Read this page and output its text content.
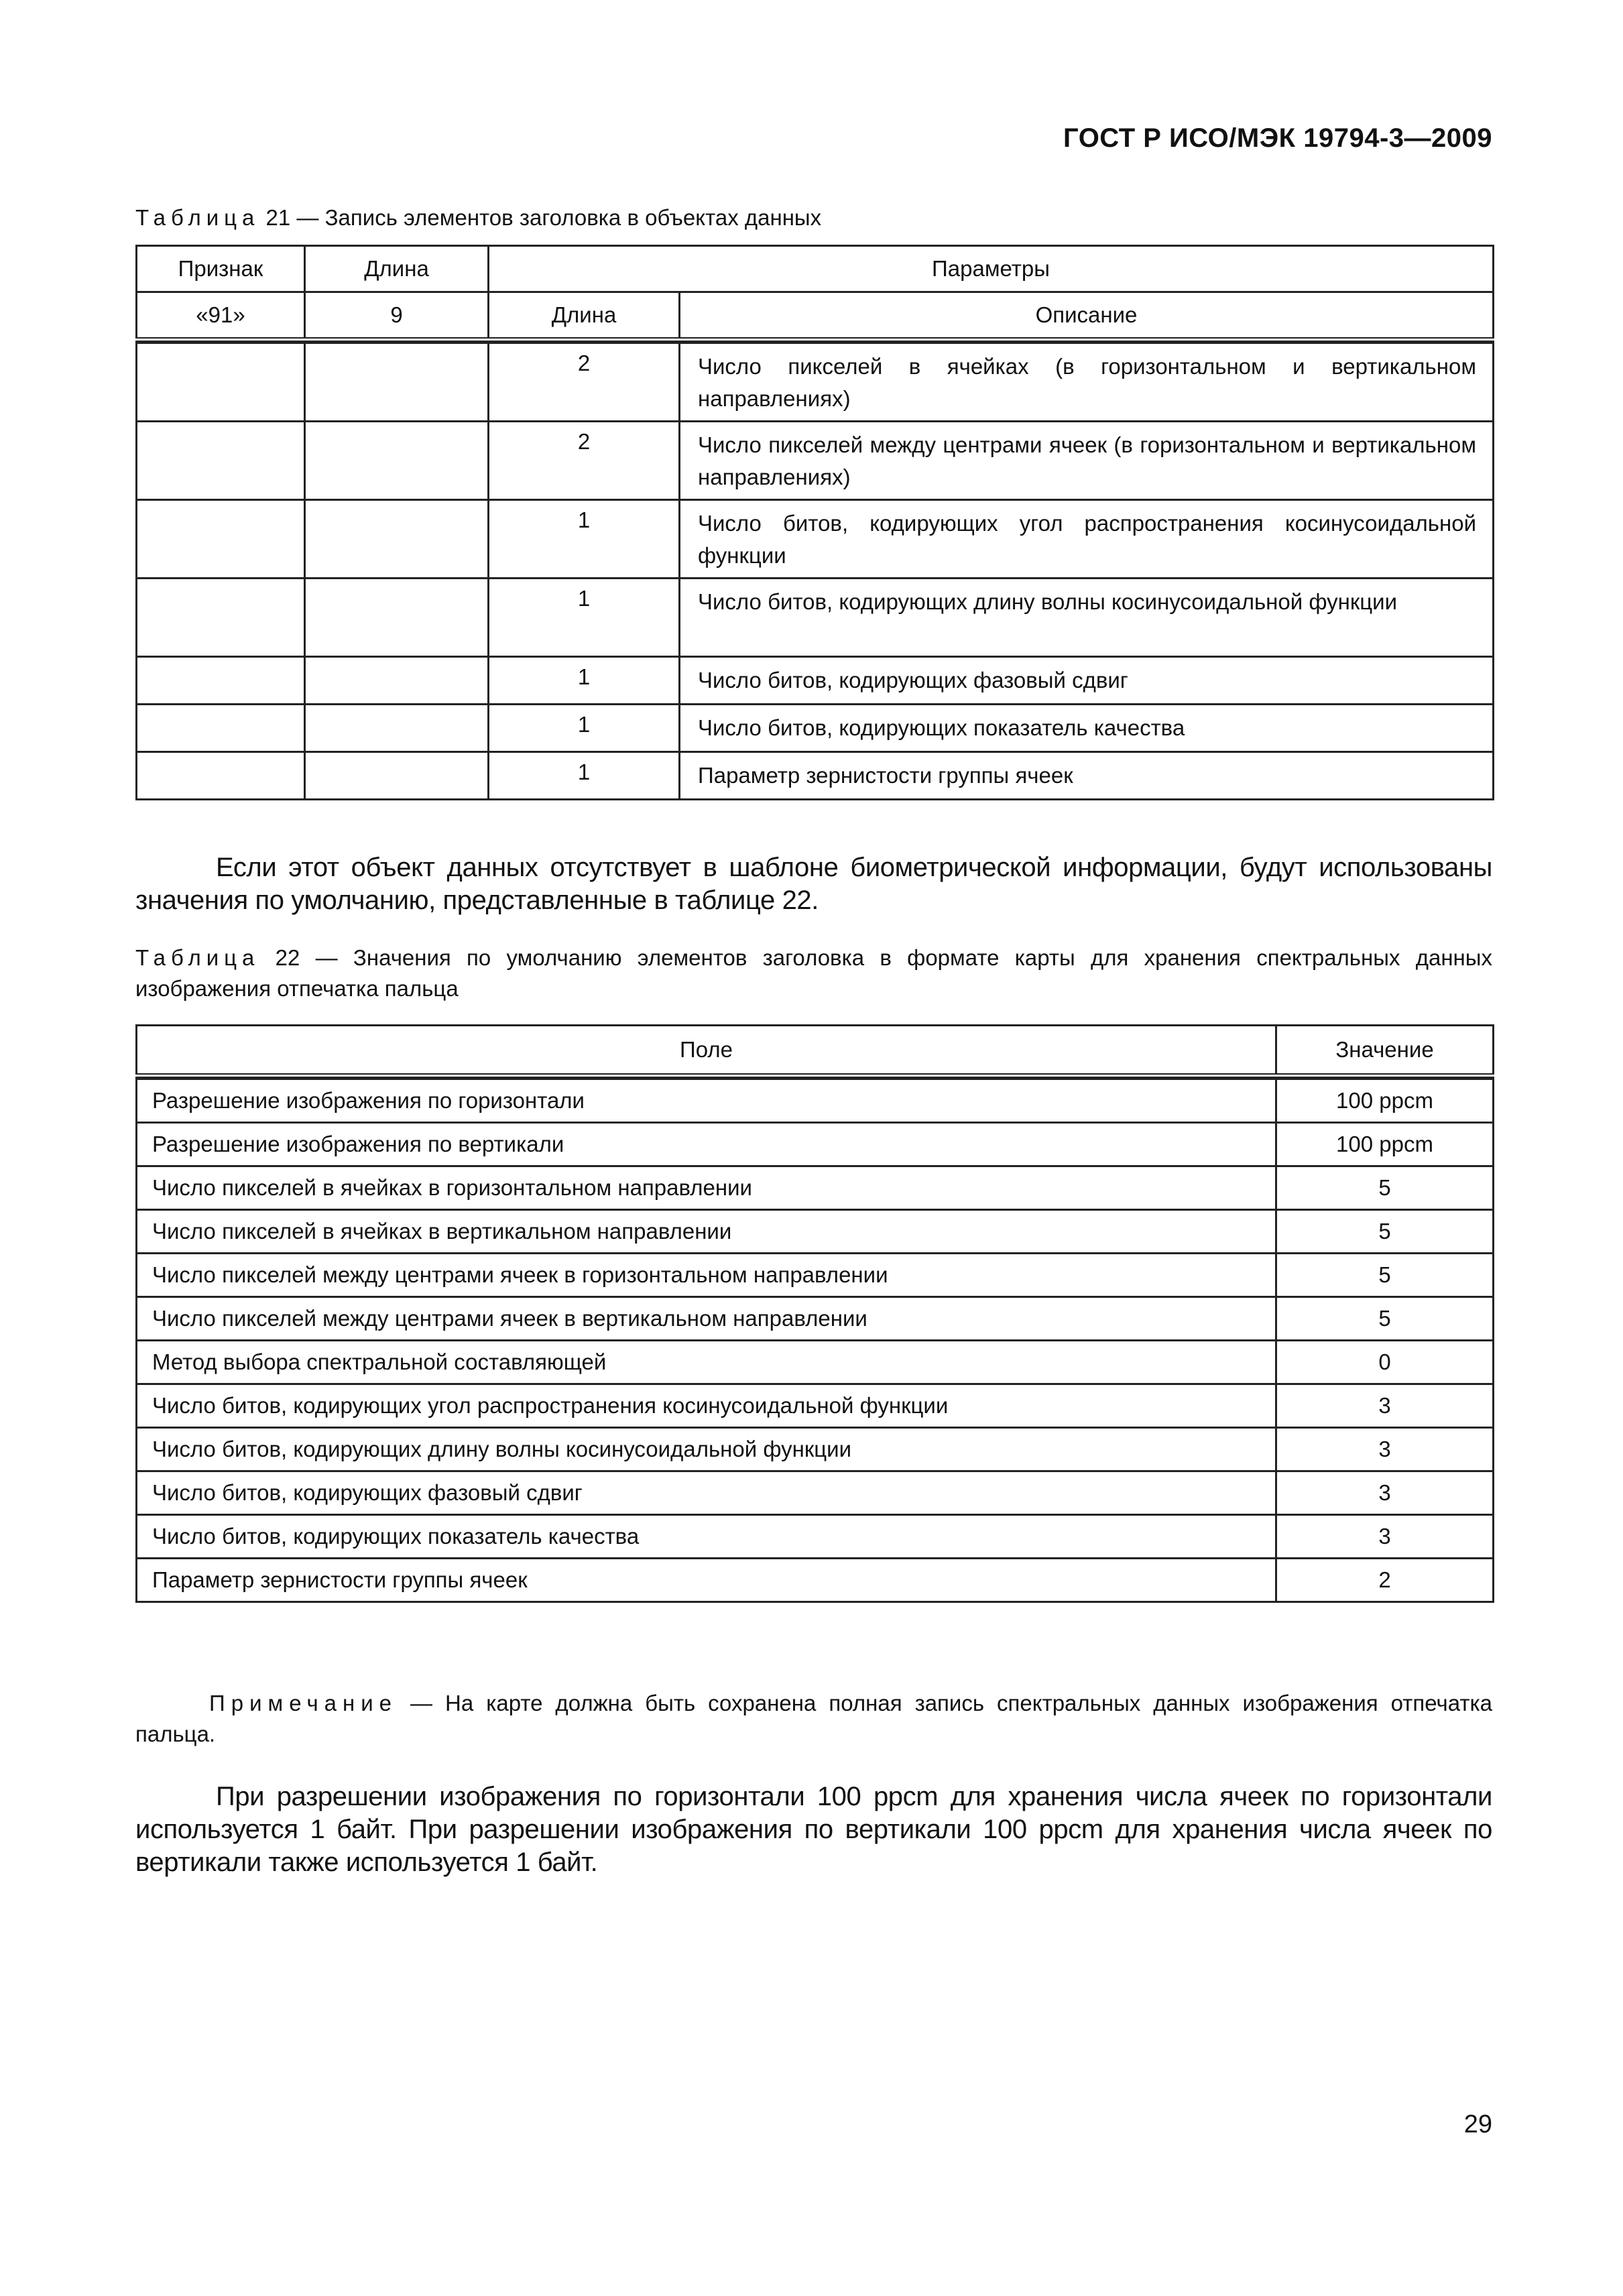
ГОСТ Р ИСО/МЭК 19794-3—2009
Таблица 21 — Запись элементов заголовка в объектах данных
Признак	Длина	Параметры	
«91»	9	Длина	Описание

		2	Число пикселей в ячейках (в горизонтальном и вертикальном направлениях)
		2	Число пикселей между центрами ячеек (в горизонтальном и вертикальном направлениях)
		1	Число битов, кодирующих угол распространения косинусоидальной функции
		1	Число битов, кодирующих длину волны косинусоидальной функции
		1	Число битов, кодирующих фазовый сдвиг
		1	Число битов, кодирующих показатель качества
		1	Параметр зернистости группы ячеек
Если этот объект данных отсутствует в шаблоне биометрической информации, будут использованы значения по умолчанию, представленные в таблице 22.
Таблица 22 — Значения по умолчанию элементов заголовка в формате карты для хранения спектральных данных изображения отпечатка пальца
Поле	Значение

Разрешение изображения по горизонтали	100 ppcm
Разрешение изображения по вертикали	100 ppcm
Число пикселей в ячейках в горизонтальном направлении	5
Число пикселей в ячейках в вертикальном направлении	5
Число пикселей между центрами ячеек в горизонтальном направлении	5
Число пикселей между центрами ячеек в вертикальном направлении	5
Метод выбора спектральной составляющей	0
Число битов, кодирующих угол распространения косинусоидальной функции	3
Число битов, кодирующих длину волны косинусоидальной функции	3
Число битов, кодирующих фазовый сдвиг	3
Число битов, кодирующих показатель качества	3
Параметр зернистости группы ячеек	2
Примечание — На карте должна быть сохранена полная запись спектральных данных изображения отпечатка пальца.
При разрешении изображения по горизонтали 100 ppcm для хранения числа ячеек по горизонтали используется 1 байт. При разрешении изображения по вертикали 100 ppcm для хранения числа ячеек по вертикали также используется 1 байт.
29
